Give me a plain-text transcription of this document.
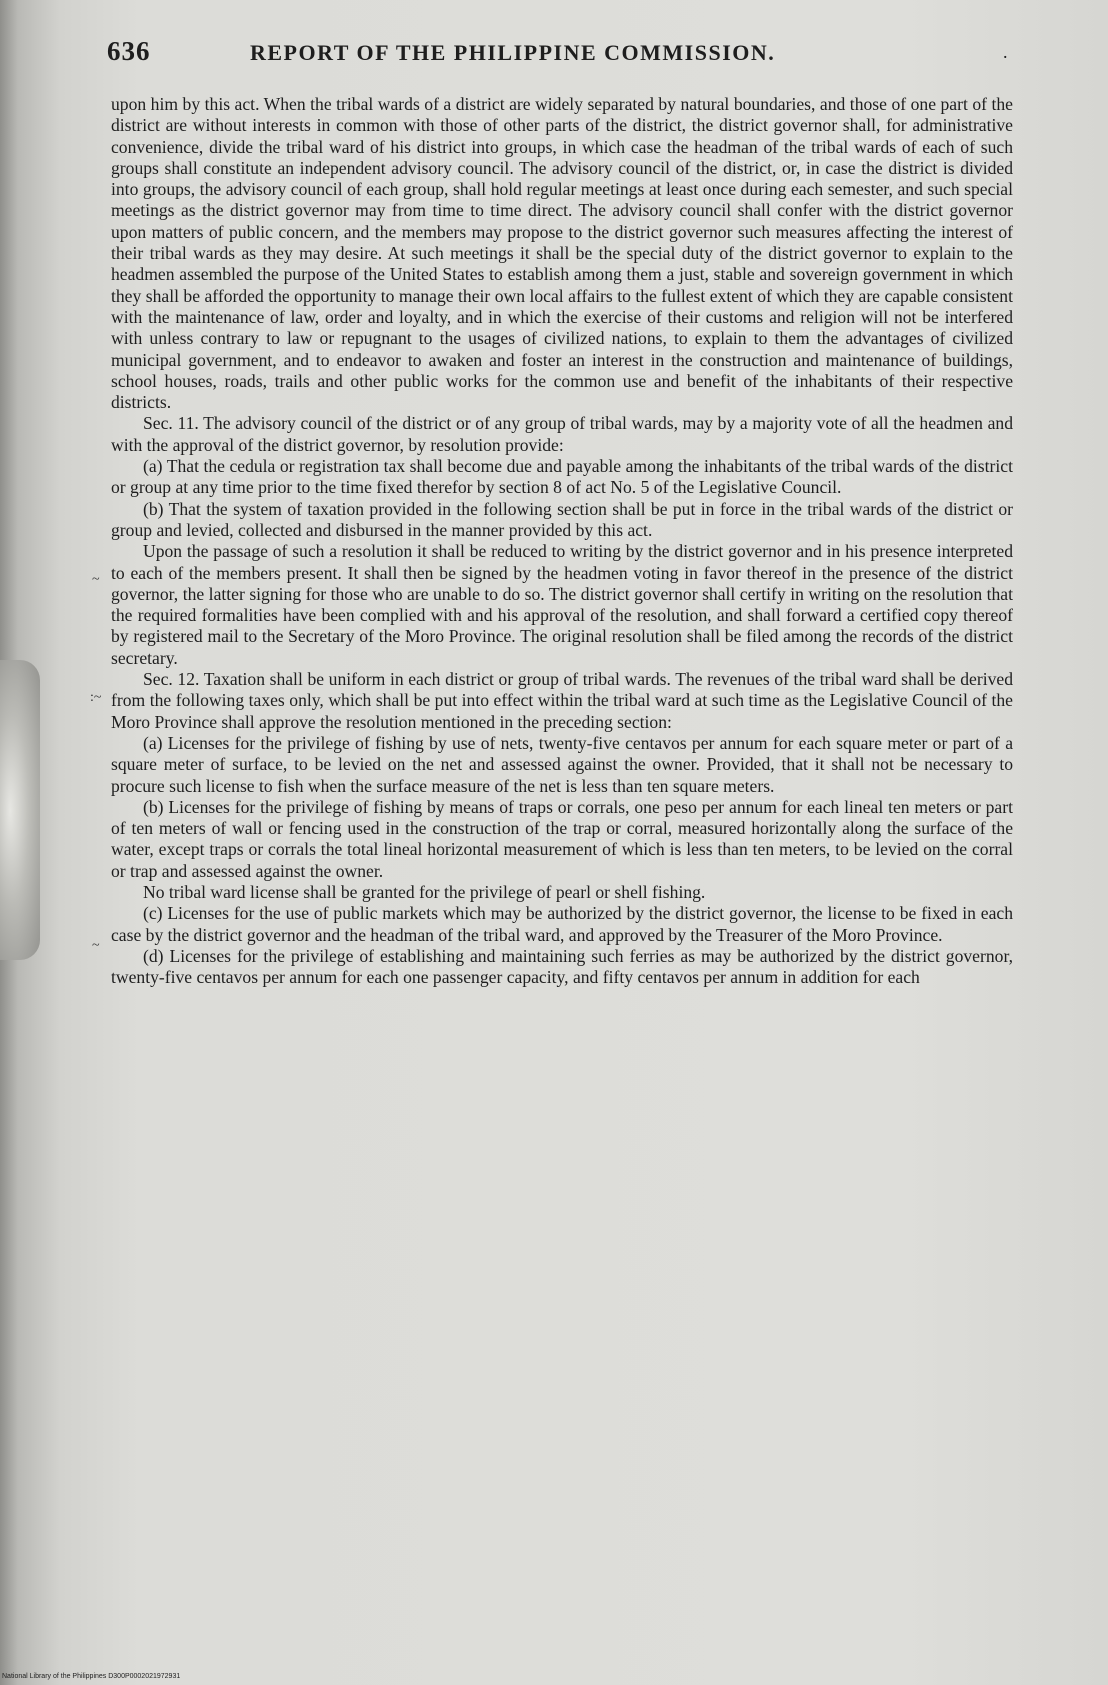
636	REPORT OF THE PHILIPPINE COMMISSION.	.
~
:~
~

upon him by this act. When the tribal wards of a district are widely separated by natural boundaries, and those of one part of the district are without interests in common with those of other parts of the district, the district governor shall, for administrative convenience, divide the tribal ward of his district into groups, in which case the headman of the tribal wards of each of such groups shall constitute an independent advisory council. The advisory council of the district, or, in case the district is divided into groups, the advisory council of each group, shall hold regular meetings at least once during each semester, and such special meetings as the district governor may from time to time direct. The advisory council shall confer with the district governor upon matters of public concern, and the members may propose to the district governor such measures affecting the interest of their tribal wards as they may desire. At such meetings it shall be the special duty of the district governor to explain to the headmen assembled the purpose of the United States to establish among them a just, stable and sovereign government in which they shall be afforded the opportunity to manage their own local affairs to the fullest extent of which they are capable consistent with the maintenance of law, order and loyalty, and in which the exercise of their customs and religion will not be interfered with unless contrary to law or repugnant to the usages of civilized nations, to explain to them the advantages of civilized municipal government, and to endeavor to awaken and foster an interest in the construction and maintenance of buildings, school houses, roads, trails and other public works for the common use and benefit of the inhabitants of their respective districts.

Sec. 11. The advisory council of the district or of any group of tribal wards, may by a majority vote of all the headmen and with the approval of the district governor, by resolution provide:

(a) That the cedula or registration tax shall become due and payable among the inhabitants of the tribal wards of the district or group at any time prior to the time fixed therefor by section 8 of act No. 5 of the Legislative Council.

(b) That the system of taxation provided in the following section shall be put in force in the tribal wards of the district or group and levied, collected and disbursed in the manner provided by this act.

Upon the passage of such a resolution it shall be reduced to writing by the district governor and in his presence interpreted to each of the members present. It shall then be signed by the headmen voting in favor thereof in the presence of the district governor, the latter signing for those who are unable to do so. The district governor shall certify in writing on the resolution that the required formalities have been complied with and his approval of the resolution, and shall forward a certified copy thereof by registered mail to the Secretary of the Moro Province. The original resolution shall be filed among the records of the district secretary.

Sec. 12. Taxation shall be uniform in each district or group of tribal wards. The revenues of the tribal ward shall be derived from the following taxes only, which shall be put into effect within the tribal ward at such time as the Legislative Council of the Moro Province shall approve the resolution mentioned in the preceding section:

(a) Licenses for the privilege of fishing by use of nets, twenty-five centavos per annum for each square meter or part of a square meter of surface, to be levied on the net and assessed against the owner. Provided, that it shall not be necessary to procure such license to fish when the surface measure of the net is less than ten square meters.

(b) Licenses for the privilege of fishing by means of traps or corrals, one peso per annum for each lineal ten meters or part of ten meters of wall or fencing used in the construction of the trap or corral, measured horizontally along the surface of the water, except traps or corrals the total lineal horizontal measurement of which is less than ten meters, to be levied on the corral or trap and assessed against the owner.

No tribal ward license shall be granted for the privilege of pearl or shell fishing.

(c) Licenses for the use of public markets which may be authorized by the district governor, the license to be fixed in each case by the district governor and the headman of the tribal ward, and approved by the Treasurer of the Moro Province.

(d) Licenses for the privilege of establishing and maintaining such ferries as may be authorized by the district governor, twenty-five centavos per annum for each one passenger capacity, and fifty centavos per annum in addition for each

National Library of the Philippines D300P0002021972931
